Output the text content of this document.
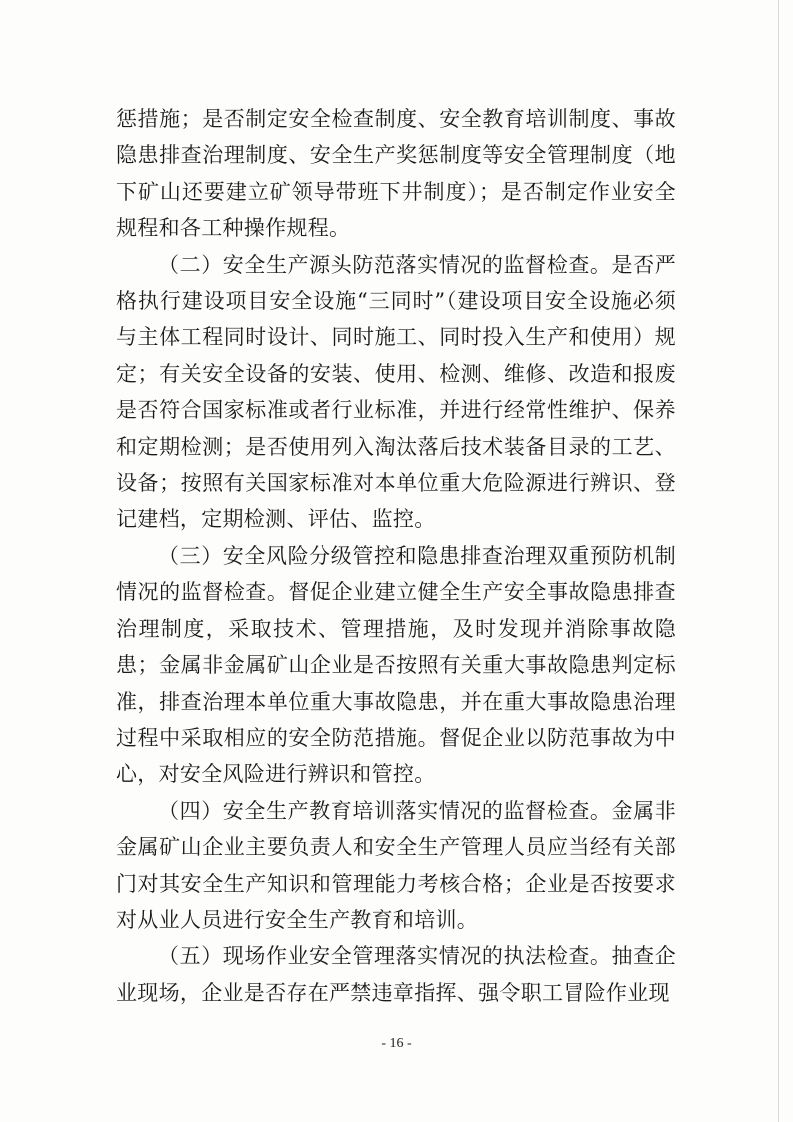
惩措施；是否制定安全检查制度、安全教育培训制度、事故隐患排查治理制度、安全生产奖惩制度等安全管理制度（地下矿山还要建立矿领导带班下井制度）；是否制定作业安全规程和各工种操作规程。

（二）安全生产源头防范落实情况的监督检查。是否严格执行建设项目安全设施“三同时”（建设项目安全设施必须与主体工程同时设计、同时施工、同时投入生产和使用）规定；有关安全设备的安装、使用、检测、维修、改造和报废是否符合国家标准或者行业标准，并进行经常性维护、保养和定期检测；是否使用列入淘汰落后技术装备目录的工艺、设备；按照有关国家标准对本单位重大危险源进行辨识、登记建档，定期检测、评估、监控。

（三）安全风险分级管控和隐患排查治理双重预防机制情况的监督检查。督促企业建立健全生产安全事故隐患排查治理制度，采取技术、管理措施，及时发现并消除事故隐患；金属非金属矿山企业是否按照有关重大事故隐患判定标准，排查治理本单位重大事故隐患，并在重大事故隐患治理过程中采取相应的安全防范措施。督促企业以防范事故为中心，对安全风险进行辨识和管控。

（四）安全生产教育培训落实情况的监督检查。金属非金属矿山企业主要负责人和安全生产管理人员应当经有关部门对其安全生产知识和管理能力考核合格；企业是否按要求对从业人员进行安全生产教育和培训。

（五）现场作业安全管理落实情况的执法检查。抽查企业现场，企业是否存在严禁违章指挥、强令职工冒险作业现

- 16 -
